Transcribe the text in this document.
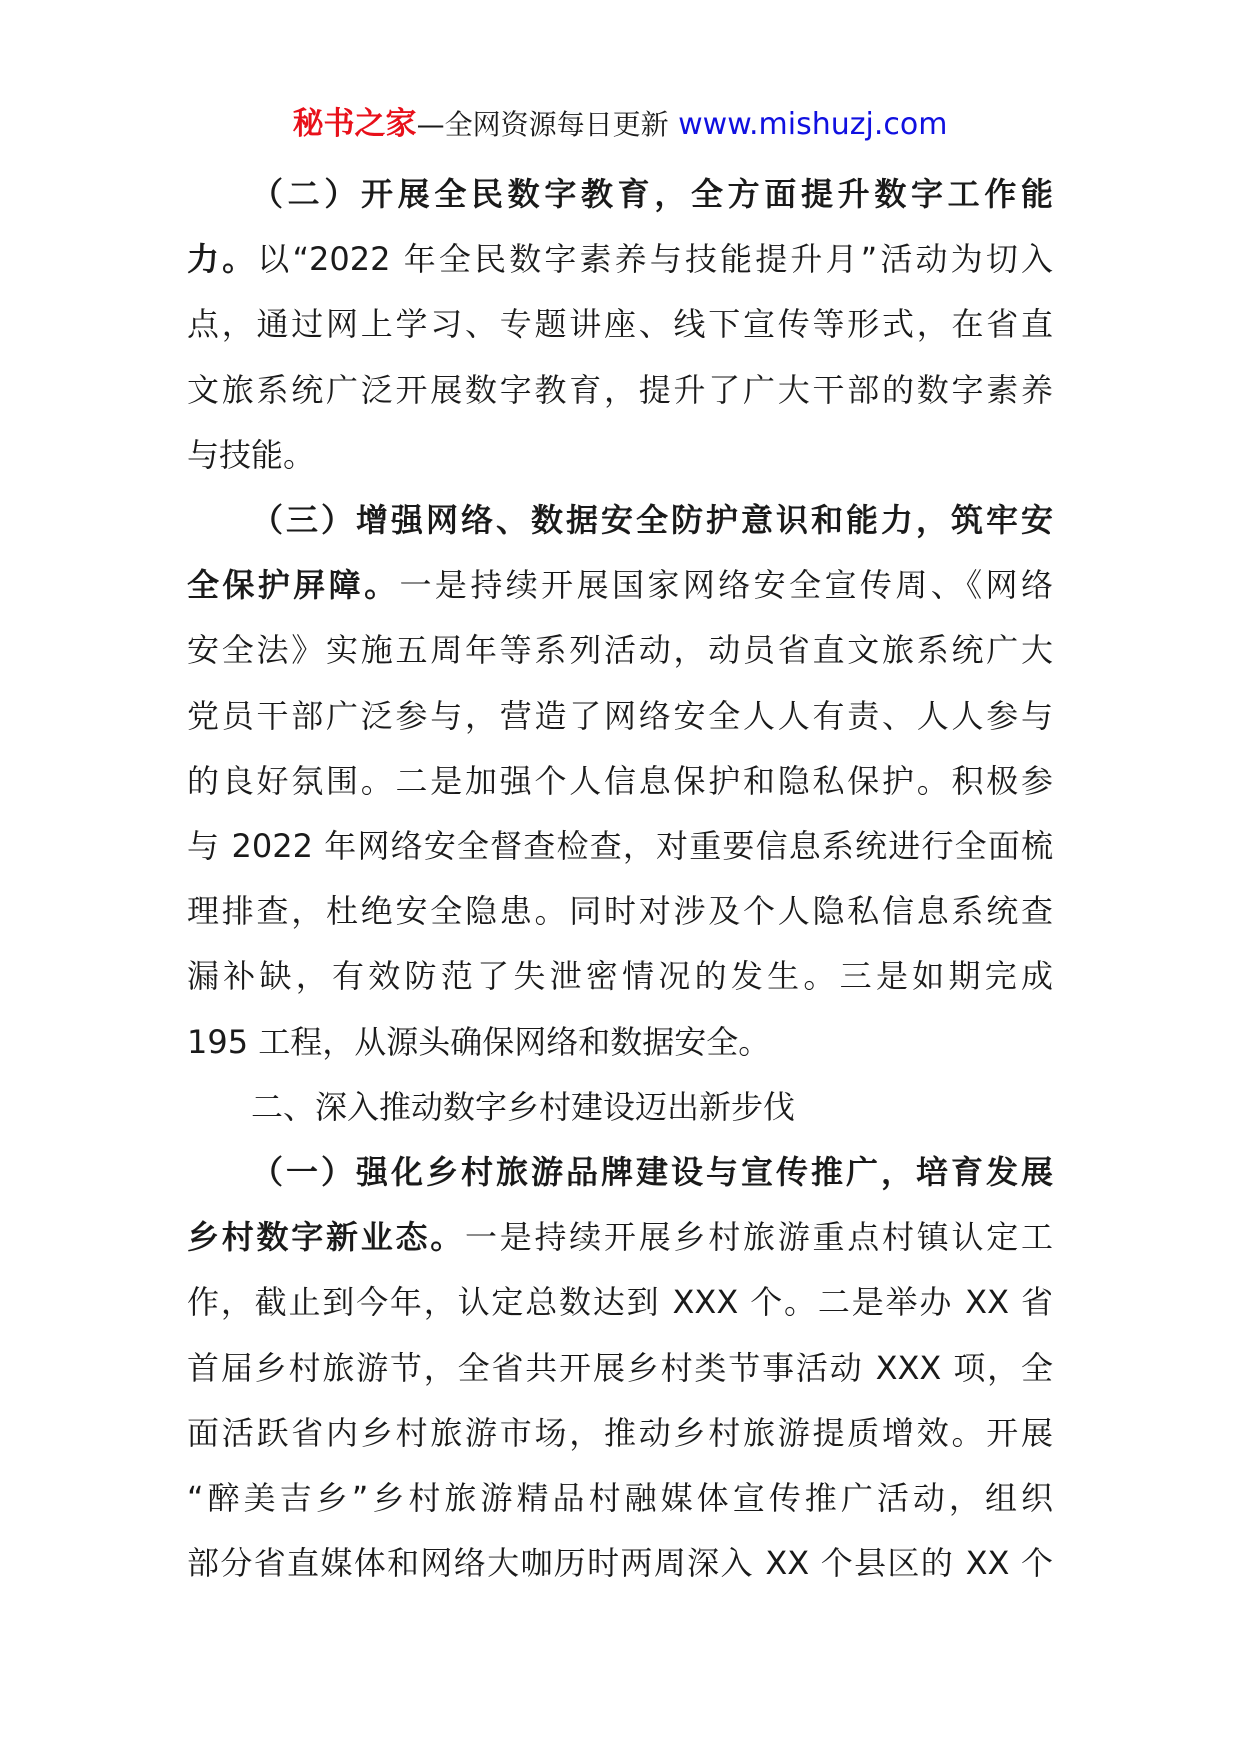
秘书之家—全网资源每日更新 www.mishuzj.com

（二）开展全民数字教育，全方面提升数字工作能
力。以“2022 年全民数字素养与技能提升月”活动为切入
点，通过网上学习、专题讲座、线下宣传等形式，在省直
文旅系统广泛开展数字教育，提升了广大干部的数字素养
与技能。

（三）增强网络、数据安全防护意识和能力，筑牢安
全保护屏障。一是持续开展国家网络安全宣传周、《网络
安全法》实施五周年等系列活动，动员省直文旅系统广大
党员干部广泛参与，营造了网络安全人人有责、人人参与
的良好氛围。二是加强个人信息保护和隐私保护。积极参
与 2022 年网络安全督查检查，对重要信息系统进行全面梳
理排查，杜绝安全隐患。同时对涉及个人隐私信息系统查
漏补缺，有效防范了失泄密情况的发生。三是如期完成
195 工程，从源头确保网络和数据安全。

二、深入推动数字乡村建设迈出新步伐

（一）强化乡村旅游品牌建设与宣传推广，培育发展
乡村数字新业态。一是持续开展乡村旅游重点村镇认定工
作，截止到今年，认定总数达到 XXX 个。二是举办 XX 省
首届乡村旅游节，全省共开展乡村类节事活动 XXX 项，全
面活跃省内乡村旅游市场，推动乡村旅游提质增效。开展
“醉美吉乡”乡村旅游精品村融媒体宣传推广活动，组织
部分省直媒体和网络大咖历时两周深入 XX 个县区的 XX 个
